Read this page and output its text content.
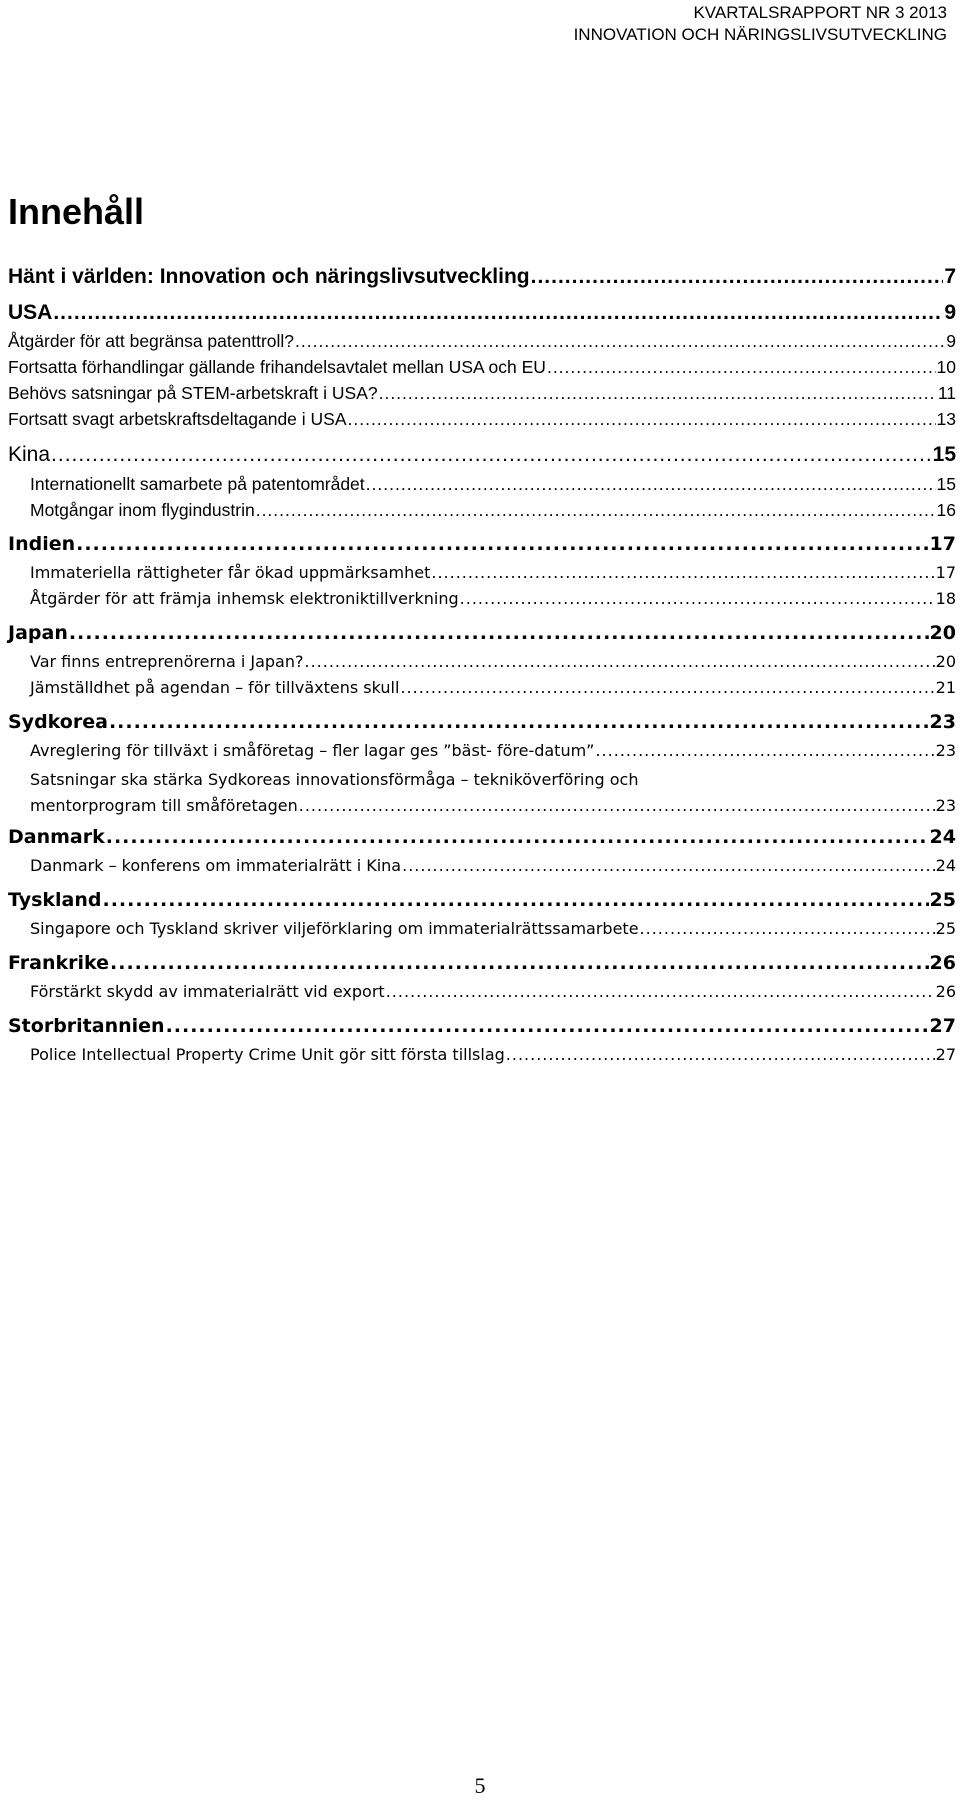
KVARTALSRAPPORT NR 3 2013
INNOVATION OCH NÄRINGSLIVSUTVECKLING
Innehåll
Hänt i världen: Innovation och näringslivsutveckling .....	7
USA .....	9
Åtgärder för att begränsa patenttroll? .....	9
Fortsatta förhandlingar gällande frihandelsavtalet mellan USA och EU .....	10
Behövs satsningar på STEM-arbetskraft i USA? .....	11
Fortsatt svagt arbetskraftsdeltagande i USA .....	13
Kina .....	15
Internationellt samarbete på patentområdet .....	15
Motgångar inom flygindustrin .....	16
Indien .....	17
Immateriella rättigheter får ökad uppmärksamhet .....	17
Åtgärder för att främja inhemsk elektroniktillverkning .....	18
Japan .....	20
Var finns entreprenörerna i Japan? .....	20
Jämställdhet på agendan – för tillväxtens skull .....	21
Sydkorea .....	23
Avreglering för tillväxt i småföretag – fler lagar ges ”bäst- före-datum” .....	23
Satsningar ska stärka Sydkoreas innovationsförmåga – tekniköverföring och
mentorprogram till småföretagen .....	23
Danmark .....	24
Danmark – konferens om immaterialrätt i Kina .....	24
Tyskland .....	25
Singapore och Tyskland skriver viljeförklaring om immaterialrättssamarbete .....	25
Frankrike .....	26
Förstärkt skydd av immaterialrätt vid export .....	26
Storbritannien .....	27
Police Intellectual Property Crime Unit gör sitt första tillslag .....	27
5
